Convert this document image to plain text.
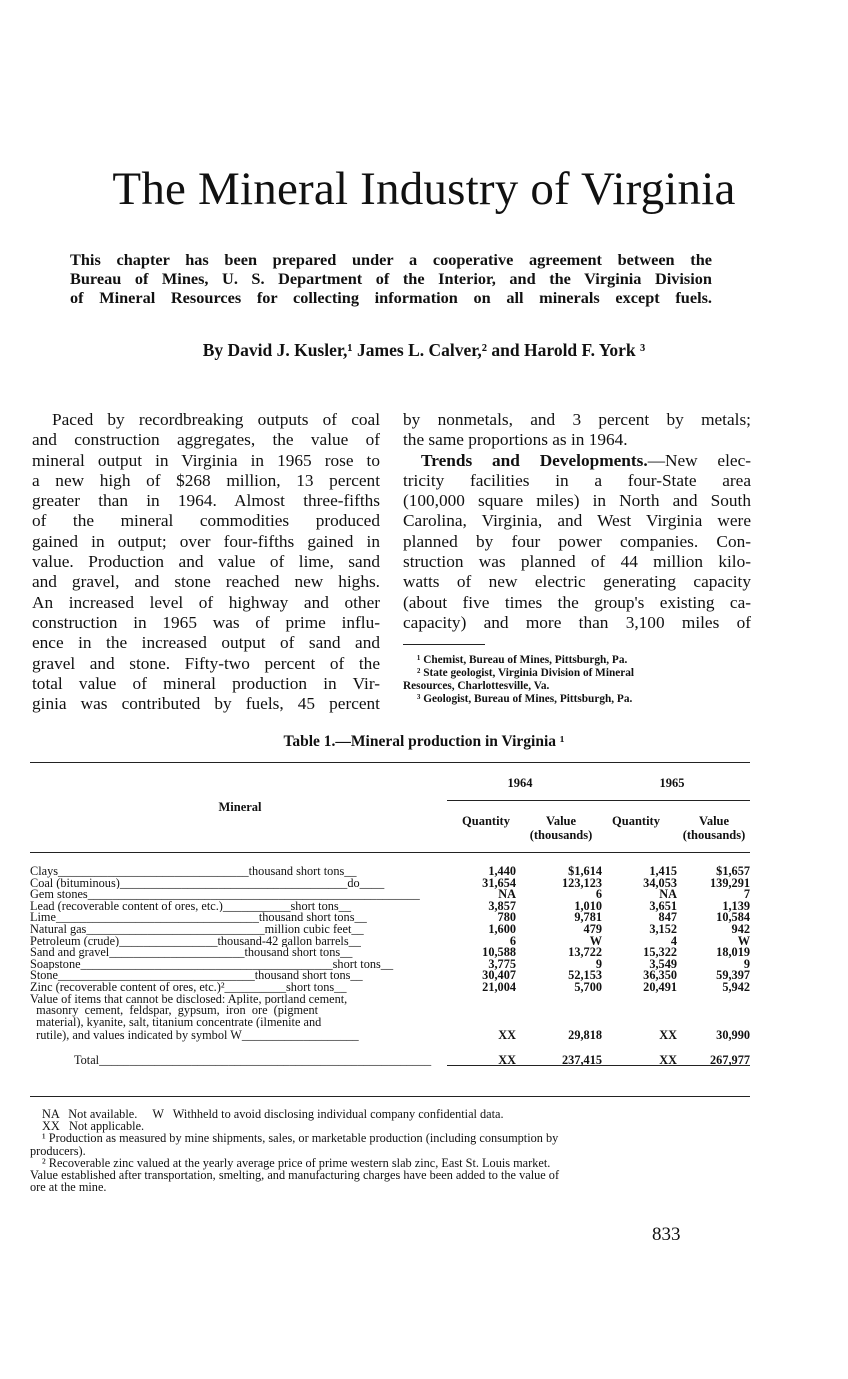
The Mineral Industry of Virginia
This chapter has been prepared under a cooperative agreement between the
Bureau of Mines, U. S. Department of the Interior, and the Virginia Division
of Mineral Resources for collecting information on all minerals except fuels.
By David J. Kusler,¹ James L. Calver,² and Harold F. York ³
Paced by recordbreaking outputs of coal
and construction aggregates, the value of
mineral output in Virginia in 1965 rose to
a new high of $268 million, 13 percent
greater than in 1964. Almost three-fifths
of the mineral commodities produced
gained in output; over four-fifths gained in
value. Production and value of lime, sand
and gravel, and stone reached new highs.
An increased level of highway and other
construction in 1965 was of prime influ-
ence in the increased output of sand and
gravel and stone. Fifty-two percent of the
total value of mineral production in Vir-
ginia was contributed by fuels, 45 percent
by nonmetals, and 3 percent by metals;
the same proportions as in 1964.
Trends and Developments.—New elec-
tricity facilities in a four-State area
(100,000 square miles) in North and South
Carolina, Virginia, and West Virginia were
planned by four power companies. Con-
struction was planned of 44 million kilo-
watts of new electric generating capacity
(about five times the group's existing ca-
capacity) and more than 3,100 miles of
¹ Chemist, Bureau of Mines, Pittsburgh, Pa.
² State geologist, Virginia Division of Mineral
Resources, Charlottesville, Va.
³ Geologist, Bureau of Mines, Pittsburgh, Pa.
Table 1.—Mineral production in Virginia ¹
Mineral
1964	1965
Quantity	Value
(thousands)
Quantity	Value
(thousands)
Clays_______________________________thousand short tons__	1,440	$1,614	1,415	$1,657
Coal (bituminous)_____________________________________do____	31,654	123,123	34,053	139,291
Gem stones______________________________________________________	NA	6	NA	7
Lead (recoverable content of ores, etc.)___________short tons__	3,857	1,010	3,651	1,139
Lime_________________________________thousand short tons__	780	9,781	847	10,584
Natural gas_____________________________million cubic feet__	1,600	479	3,152	942
Petroleum (crude)________________thousand-42 gallon barrels__	6	W	4	W
Sand and gravel______________________thousand short tons__	10,588	13,722	15,322	18,019
Soapstone_________________________________________short tons__	3,775	9	3,549	9
Stone________________________________thousand short tons__	30,407	52,153	36,350	59,397
Zinc (recoverable content of ores, etc.)²__________short tons__	21,004	5,700	20,491	5,942
Value of items that cannot be disclosed: Aplite, portland cement,
masonry  cement,  feldspar,  gypsum,  iron  ore  (pigment
material), kyanite, salt, titanium concentrate (ilmenite and
rutile), and values indicated by symbol W___________________	XX	29,818	XX	30,990
Total______________________________________________________	XX	237,415	XX	267,977
NA   Not available.     W   Withheld to avoid disclosing individual company confidential data.
XX   Not applicable.
¹ Production as measured by mine shipments, sales, or marketable production (including consumption by
producers).
² Recoverable zinc valued at the yearly average price of prime western slab zinc, East St. Louis market.
Value established after transportation, smelting, and manufacturing charges have been added to the value of
ore at the mine.
833
